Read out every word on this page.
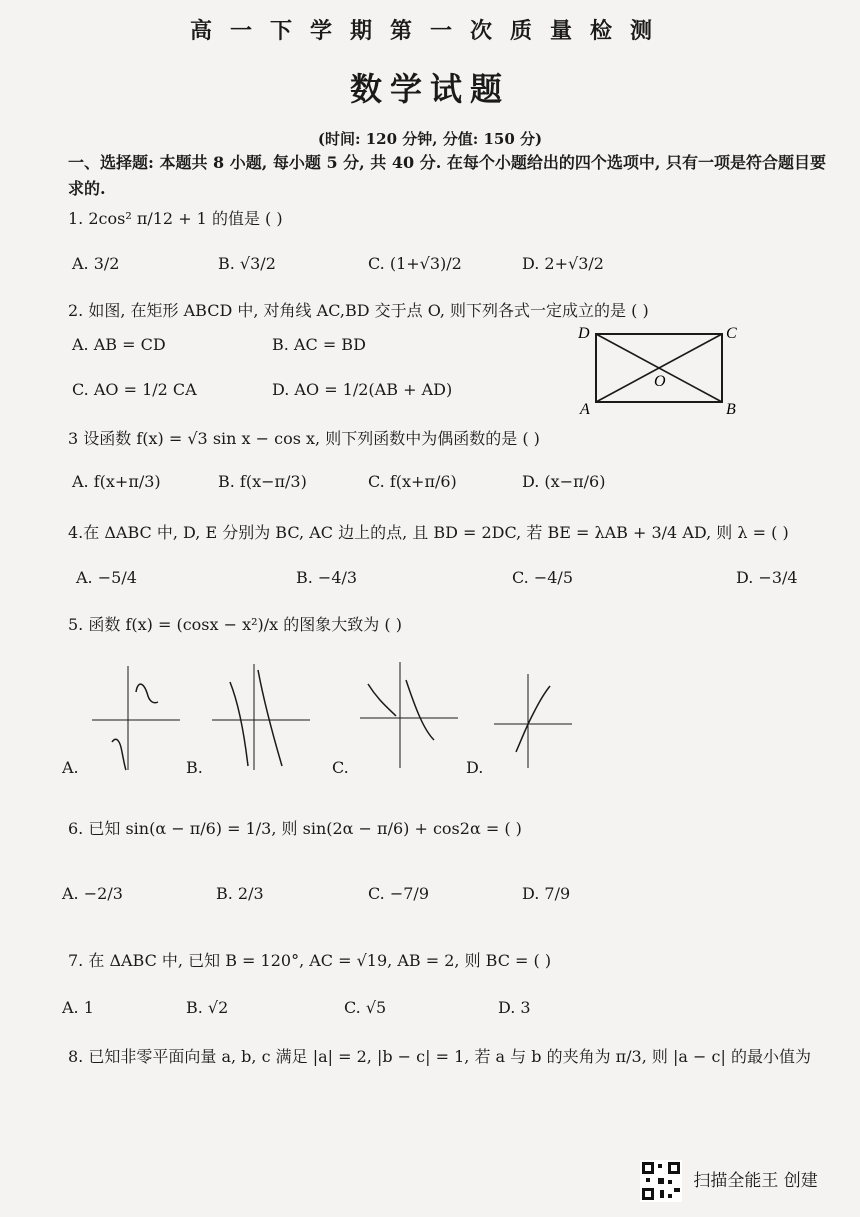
高一下学期第一次质量检测
数学试题
(时间: 120 分钟, 分值: 150 分)
一、选择题: 本题共 8 小题, 每小题 5 分, 共 40 分. 在每个小题给出的四个选项中, 只有一项是符合题目要求的.
1. 2cos² π/12 + 1 的值是 ( )
A. 3/2	B. √3/2	C. (1+√3)/2	D. 2+√3/2
2. 如图, 在矩形 ABCD 中, 对角线 AC,BD 交于点 O, 则下列各式一定成立的是 ( )
A. AB = CD	B. AC = BD
C. AO = 1/2 CA	D. AO = 1/2(AB + AD)
D	C
O
A	B
3 设函数 f(x) = √3 sin x − cos x, 则下列函数中为偶函数的是 ( )
A. f(x+π/3)	B. f(x−π/3)	C. f(x+π/6)	D. (x−π/6)
4.在 ΔABC 中, D, E 分别为 BC, AC 边上的点, 且 BD = 2DC, 若 BE = λAB + 3/4 AD, 则 λ = ( )
A. −5/4	B. −4/3	C. −4/5	D. −3/4
5. 函数 f(x) = (cosx − x²)/x 的图象大致为 ( )
A.	B.	C.	D.
6. 已知 sin(α − π/6) = 1/3, 则 sin(2α − π/6) + cos2α = ( )
A. −2/3	B. 2/3	C. −7/9	D. 7/9
7. 在 ΔABC 中, 已知 B = 120°, AC = √19, AB = 2, 则 BC = ( )
A. 1	B. √2	C. √5	D. 3
8. 已知非零平面向量 a, b, c 满足 |a| = 2, |b − c| = 1, 若 a 与 b 的夹角为 π/3, 则 |a − c| 的最小值为
扫描全能王 创建
